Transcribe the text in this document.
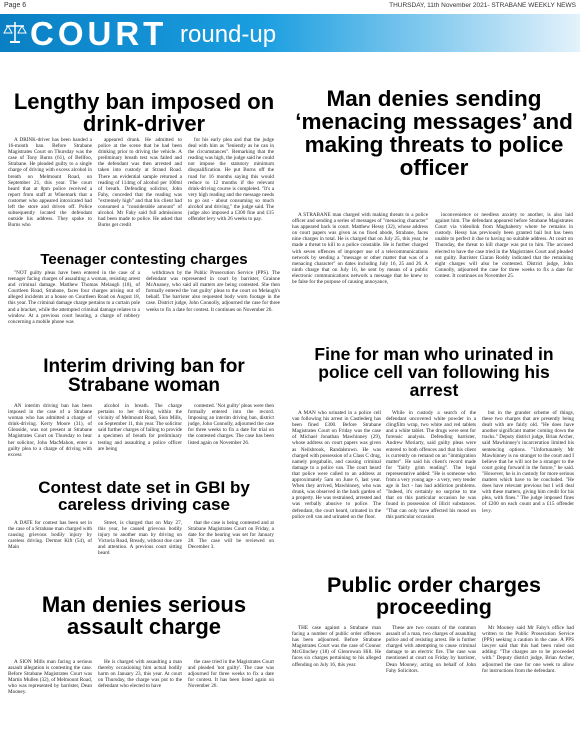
Page 6	THURSDAY, 11th November 2021- STRABANE WEEKLY NEWS
COURT round-up
Lengthy ban imposed on drink-driver

A DRINK-driver has been handed a 16-month ban. Before Strabane Magistrates Court on Thursday was the case of Tony Burns (61), of Bellfoo, Strabane. He pleaded guilty to a single charge of driving with excess alcohol in breath on Melmount Road, on September 21, this year. The court heard that at 8pm police received a report from staff at Winemark that a customer who appeared intoxicated had left the store and driven off. Police subsequently located the defendant outside his address. They spoke to Burns who

appeared drunk. He admitted to police at the scene that he had been drinking prior to driving the vehicle. A preliminary breath test was failed and the defendant was then arrested and taken into custody at Strand Road. There an evidential sample returned a reading of 114mg of alcohol per 100ml of breath. Defending solicitor, John Fahy, conceded that the reading was "extremely high" and that his client had consumed a "considerable amount" of alcohol. Mr Fahy said full admissions had been made to police. He asked that Burns get credit

for his early plea and that the judge deal with him as "leniently as he can in the circumstances". Remarking that the reading was high, the judge said he could not impose the statutory minimum disqualification. He put Burns off the road for 16 months saying this would reduce to 12 months if the relevant drink-driving course is completed. "It's a very high reading and the message needs to go out - about consuming so much alcohol and driving," the judge said. The judge also imposed a £300 fine and £15 offender levy with 26 weeks to pay.

Man denies sending ‘menacing messages’ and making threats to police officer

A STRABANE man charged with making threats to a police officer and sending a series of messages of "menacing character" has appeared back in court. Matthew Hessy (32), whose address on court papers was given as no fixed abode, Strabane, faces nine charges in total. He is charged that on July 25, this year, he made a threat to kill to a police constable. He is further charged with seven offences of improper use of a telecommunications network by sending a "message or other matter that was of a menacing character" on dates including July 16, 25 and 26. A ninth charge that on July 16, he sent by means of a public electronic communications network a message that he knew to be false for the purpose of causing annoyance,

inconvenience or needless anxiety to another, is also laid against him. The defendant appeared before Strabane Magistrates Court via videolink from Maghaberry where he remains in custody. Hessy has previously been granted bail but has been unable to perfect it due to having no suitable address. At court on Thursday, the threat to kill charge was put to him. The accused elected to have the case tried in the Magistrates Court and pleaded not guilty. Barrister Ciaran Roddy indicated that the remaining eight charges will also be contested. District judge, John Connolly, adjourned the case for three weeks to fix a date for contest. It continues on November 25.

Teenager contesting charges

"NOT guilty pleas have been entered in the case of a teenager facing charges of assaulting a woman, resisting arrest and criminal damage. Matthew Thomas Melaugh (18), of Courtleen Road, Strabane, faces four charges arising out of alleged incidents at a house on Courtleen Road on August 18, this year. The criminal damage charge pertains to a curtain pole and a bracket, while the attempted criminal damage relates to a window. At a previous court hearing, a charge of robbery concerning a mobile phone was

withdrawn by the Public Prosecution Service (PPS). The defendant was represented in court by barrister, Grainne McAnaney, who said all matters are being contested. She then formally entered the 'not guilty' pleas to the court on Melaugh's behalf. The barrister also requested body worn footage in the case. District judge, John Connolly, adjourned the case for three weeks to fix a date for contest. It continues on November 26.

Fine for man who urinated in police cell van following his arrest

A MAN who urinated in a police cell van following his arrest in Castlederg has been fined £300. Before Strabane Magistrates Court on Friday was the case of Michael Jonathan Mawhinney (29), whose address on court papers was given as Neilsbrook, Randalstown. He was charged with possession of a Class C drug, namely pregabalin, and causing criminal damage to a police van. The court heard that police were called to an address at approximately 5am on June 6, last year. When they arrived, Mawhinney, who was drunk, was observed in the back garden of a property. He was restrained, arrested and was verbally abusive to police. The defendant, the court heard, urinated in the police cell van and urinated on the floor.

While in custody a search of the defendant uncovered white powder in a clingfilm wrap, two white and red tablets and a white tablet. The drugs were sent for forensic analysis. Defending barrister, Andrew Moriarty, said guilty pleas were entered to both offences and that his client is currently on remand on an "immigration matter". He said his client's record made for "fairly grim reading". The legal representative added: "He is someone who from a very young age - a very, very tender age in fact - has had addiction problems. "Indeed, it's certainly no surprise to me that on this particular occasion he was found in possession of illicit substances. "That can only have affected his mood on this particular occasion

but in the grander scheme of things, these two charges that are presently being dealt with are fairly old. "He does have another significant matter coming down the tracks." Deputy district judge, Brian Archer, said Mawhinney's incarceration limited his sentencing options. "Unfortunately Mr Mawhinney is no stranger to the court and I believe that he will not be a stranger to the court going forward in the future," he said. "However, he is in custody for more serious matters which have to be concluded. "He does have relevant previous but I will deal with these matters, giving him credit for his plea, with fines." The judge imposed fines of £200 on each count and a £15 offender levy.

Interim driving ban for Strabane woman

AN interim driving ban has been imposed in the case of a Strabane woman who has admitted a charge of drink-driving. Kerry Moore (31), of Glenside, was not present at Strabane Magistrates Court on Thursday to hear her solicitor, John MacMahon, enter a guilty plea to a charge of driving with excess

alcohol in breath. The charge pertains to her driving within the vicinity of Melmount Road, Sion Mills, on September 11, this year. The solicitor said further charges of failing to provide a specimen of breath for preliminary testing and assaulting a police officer are being

contested. 'Not guilty' pleas were then formally entered into the record. Imposing an interim driving ban, district judge, John Connolly, adjourned the case for three weeks to fix a date for trial on the contested charges. The case has been listed again on November 26.

Contest date set in GBI by careless driving case

A DATE for contest has been set in the case of a Strabane man charged with causing grievous bodily injury by careless driving. Dermot Kift (54), of Main

Street, is charged that on May 27, this year, he caused grievous bodily injury to another man by driving on Victoria Road, Bready, without due care and attention. A previous court sitting heard

that the case is being contested and at Strabane Magistrates Court on Friday, a date for the hearing was set for January 28. The case will be reviewed on December 3.

Public order charges proceeding

THE case against a Strabane man facing a number of public order offences has been adjourned. Before Strabane Magistrates Court was the case of Connor McGlinchey (18) of Glenrowan Hill. He faces six charges pertaining to his alleged offending on July 16, this year.

These are two counts of the common assault of a man, two charges of assaulting police and of resisting arrest. He is further charged with attempting to cause criminal damage to an electric fire. The case was mentioned at court on Friday by barrister, Dean Mooney, acting on behalf of John Fahy Solicitors.

Mr Mooney said Mr Fahy's office had written to the Public Prosecution Service (PPS) seeking a caution in the case. A PPS lawyer said that this had been ruled out adding: "The charges are to be proceeded with." Deputy district judge, Brian Archer, adjourned the case for one week to allow for instructions from the defendant.

Man denies serious assault charge

A SION Mills man facing a serious assault allegation is contesting the case. Before Strabane Magistrates Court was Martin Mullen (32), of Melmount Road, who was represented by barrister, Dean Mooney.

He is charged with assaulting a man thereby occasioning him actual bodily harm on January 23, this year. At court on Thursday, the charge was put to the defendant who elected to have

the case tried in the Magistrates Court and pleaded 'not guilty'. The case was adjourned for three weeks to fix a date for contest. It has been listed again on November 26.
